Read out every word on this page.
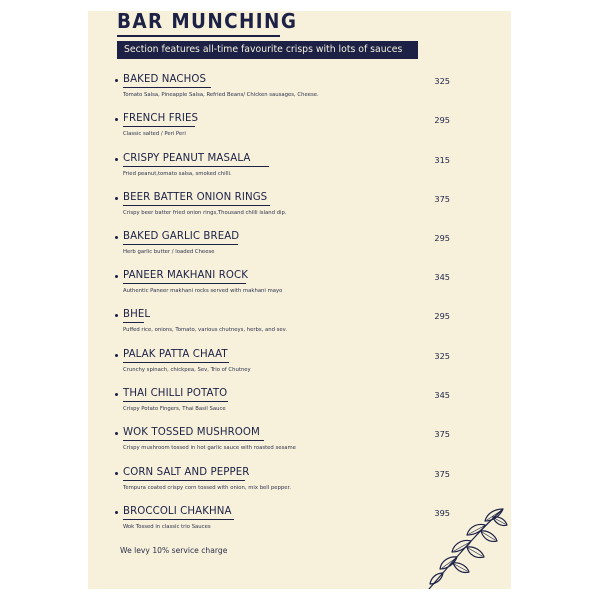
BAR MUNCHING
Section features all-time favourite crisps with lots of sauces
BAKED NACHOS
Tomato Salsa, Pineapple Salsa, Refried Beans/ Chicken sausages, Cheese.
325
FRENCH FRIES
Classic salted / Peri Peri
295
CRISPY PEANUT MASALA
Fried peanut,tomato salsa, smoked chilli.
315
BEER BATTER ONION RINGS
Crispy beer batter fried onion rings,Thousand chilli island dip.
375
BAKED GARLIC BREAD
Herb garlic butter / loaded Cheese
295
PANEER MAKHANI ROCK
Authentic Paneer makhani rocks served with makhani mayo
345
BHEL
Puffed rice, onions, Tomato, various chutneys, herbs, and sev.
295
PALAK PATTA CHAAT
Crunchy spinach, chickpea, Sev, Trio of Chutney
325
THAI CHILLI POTATO
Crispy Potato Fingers, Thai Basil Sauce
345
WOK TOSSED MUSHROOM
Crispy mushroom tossed in hot garlic sauce with roasted sesame
375
CORN SALT AND PEPPER
Tempura coated crispy corn tossed with onion, mix bell pepper.
375
BROCCOLI CHAKHNA
Wok Tossed in classic trio Sauces
395
We levy 10% service charge
